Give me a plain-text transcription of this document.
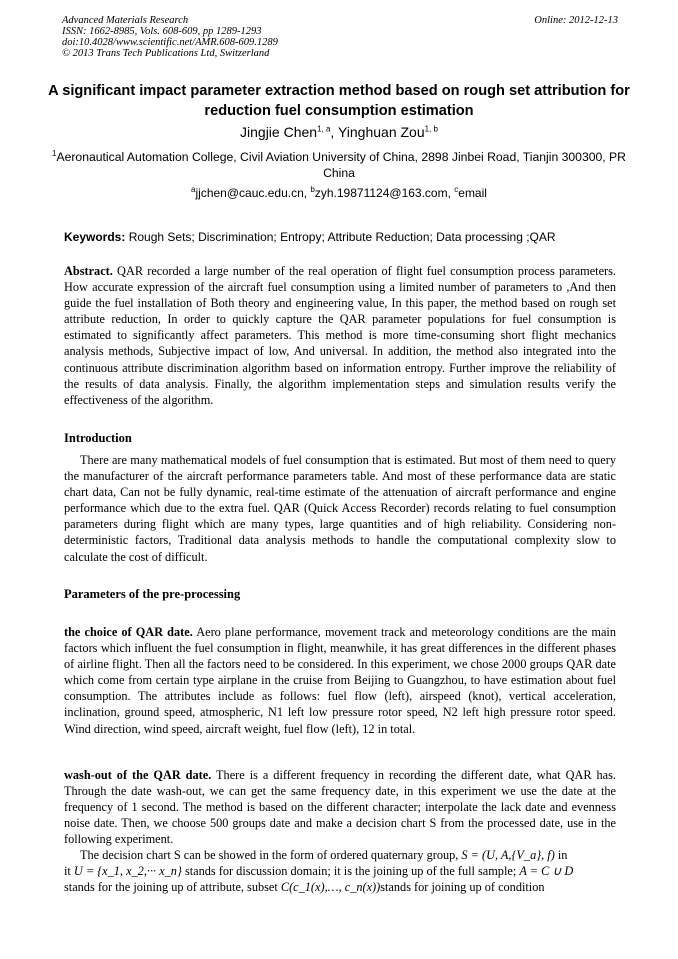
Advanced Materials Research
ISSN: 1662-8985, Vols. 608-609, pp 1289-1293
doi:10.4028/www.scientific.net/AMR.608-609.1289
© 2013 Trans Tech Publications Ltd, Switzerland
Online: 2012-12-13
A significant impact parameter extraction method based on rough set attribution for reduction fuel consumption estimation
Jingjie Chen$^{1, a}$, Yinghuan Zou$^{1, b}$
$^1$Aeronautical Automation College, Civil Aviation University of China, 2898 Jinbei Road, Tianjin 300300, PR China
$^a$jjchen@cauc.edu.cn, $^b$zyh.19871124@163.com, $^c$email
Keywords: Rough Sets; Discrimination; Entropy; Attribute Reduction; Data processing ;QAR
Abstract. QAR recorded a large number of the real operation of flight fuel consumption process parameters. How accurate expression of the aircraft fuel consumption using a limited number of parameters to ,And then guide the fuel installation of Both theory and engineering value, In this paper, the method based on rough set attribute reduction, In order to quickly capture the QAR parameter populations for fuel consumption is estimated to significantly affect parameters. This method is more time-consuming short flight mechanics analysis methods, Subjective impact of low, And universal. In addition, the method also integrated into the continuous attribute discrimination algorithm based on information entropy. Further improve the reliability of the results of data analysis. Finally, the algorithm implementation steps and simulation results verify the effectiveness of the algorithm.
Introduction
There are many mathematical models of fuel consumption that is estimated. But most of them need to query the manufacturer of the aircraft performance parameters table. And most of these performance data are static chart data, Can not be fully dynamic, real-time estimate of the attenuation of aircraft performance and engine performance which due to the extra fuel. QAR (Quick Access Recorder) records relating to fuel consumption parameters during flight which are many types, large quantities and of high reliability. Considering non-deterministic factors, Traditional data analysis methods to handle the computational complexity slow to calculate the cost of difficult.
Parameters of the pre-processing
the choice of QAR date. Aero plane performance, movement track and meteorology conditions are the main factors which influent the fuel consumption in flight, meanwhile, it has great differences in the different phases of airline flight. Then all the factors need to be considered. In this experiment, we chose 2000 groups QAR date which come from certain type airplane in the cruise from Beijing to Guangzhou, to have estimation about fuel consumption. The attributes include as follows: fuel flow (left), airspeed (knot), vertical acceleration, inclination, ground speed, atmospheric, N1 left low pressure rotor speed, N2 left high pressure rotor speed. Wind direction, wind speed, aircraft weight, fuel flow (left), 12 in total.
wash-out of the QAR date. There is a different frequency in recording the different date, what QAR has. Through the date wash-out, we can get the same frequency date, in this experiment we use the date at the frequency of 1 second. The method is based on the different character; interpolate the lack date and evenness noise date. Then, we choose 500 groups date and make a decision chart S from the processed date, use in the following experiment.

The decision chart S can be showed in the form of ordered quaternary group, S = (U, A,{V_a}, f) in

it U = {x_1, x_2,··· x_n} stands for discussion domain; it is the joining up of the full sample; A = C ∪ D

stands for the joining up of attribute, subset C(c_1(x),…, c_n(x))stands for joining up of condition
